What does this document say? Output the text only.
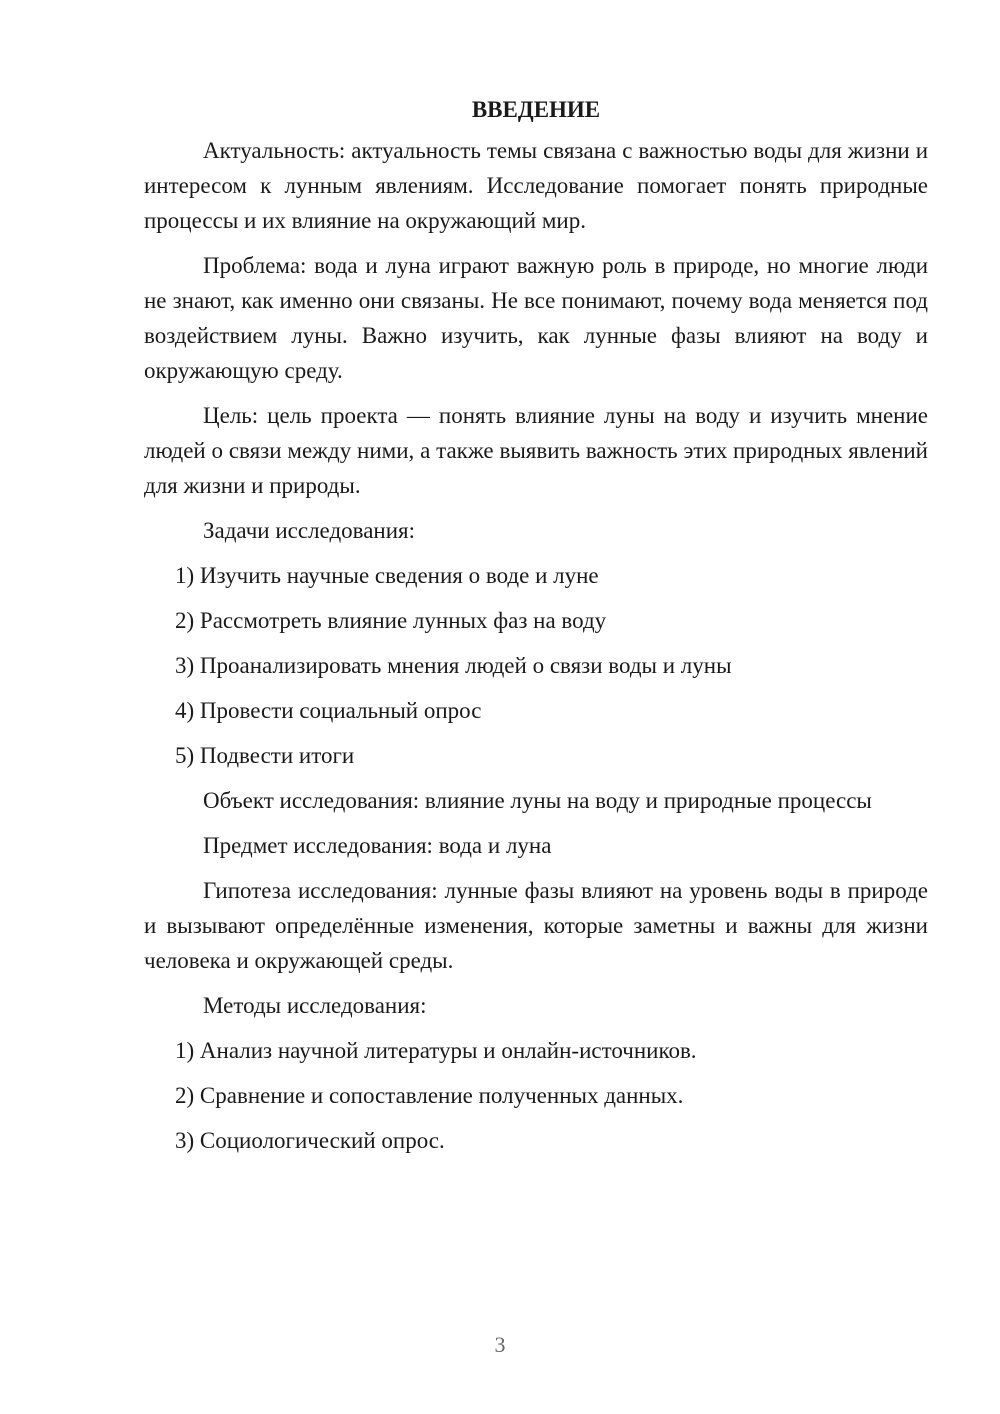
ВВЕДЕНИЕ

Актуальность: актуальность темы связана с важностью воды для жизни и интересом к лунным явлениям. Исследование помогает понять природные процессы и их влияние на окружающий мир.

Проблема: вода и луна играют важную роль в природе, но многие люди не знают, как именно они связаны. Не все понимают, почему вода меняется под воздействием луны. Важно изучить, как лунные фазы влияют на воду и окружающую среду.

Цель: цель проекта — понять влияние луны на воду и изучить мнение людей о связи между ними, а также выявить важность этих природных явлений для жизни и природы.

Задачи исследования:
1) Изучить научные сведения о воде и луне
2) Рассмотреть влияние лунных фаз на воду
3) Проанализировать мнения людей о связи воды и луны
4) Провести социальный опрос
5) Подвести итоги
Объект исследования: влияние луны на воду и природные процессы
Предмет исследования: вода и луна

Гипотеза исследования: лунные фазы влияют на уровень воды в природе и вызывают определённые изменения, которые заметны и важны для жизни человека и окружающей среды.

Методы исследования:
1) Анализ научной литературы и онлайн-источников.
2) Сравнение и сопоставление полученных данных.
3) Социологический опрос.
3
